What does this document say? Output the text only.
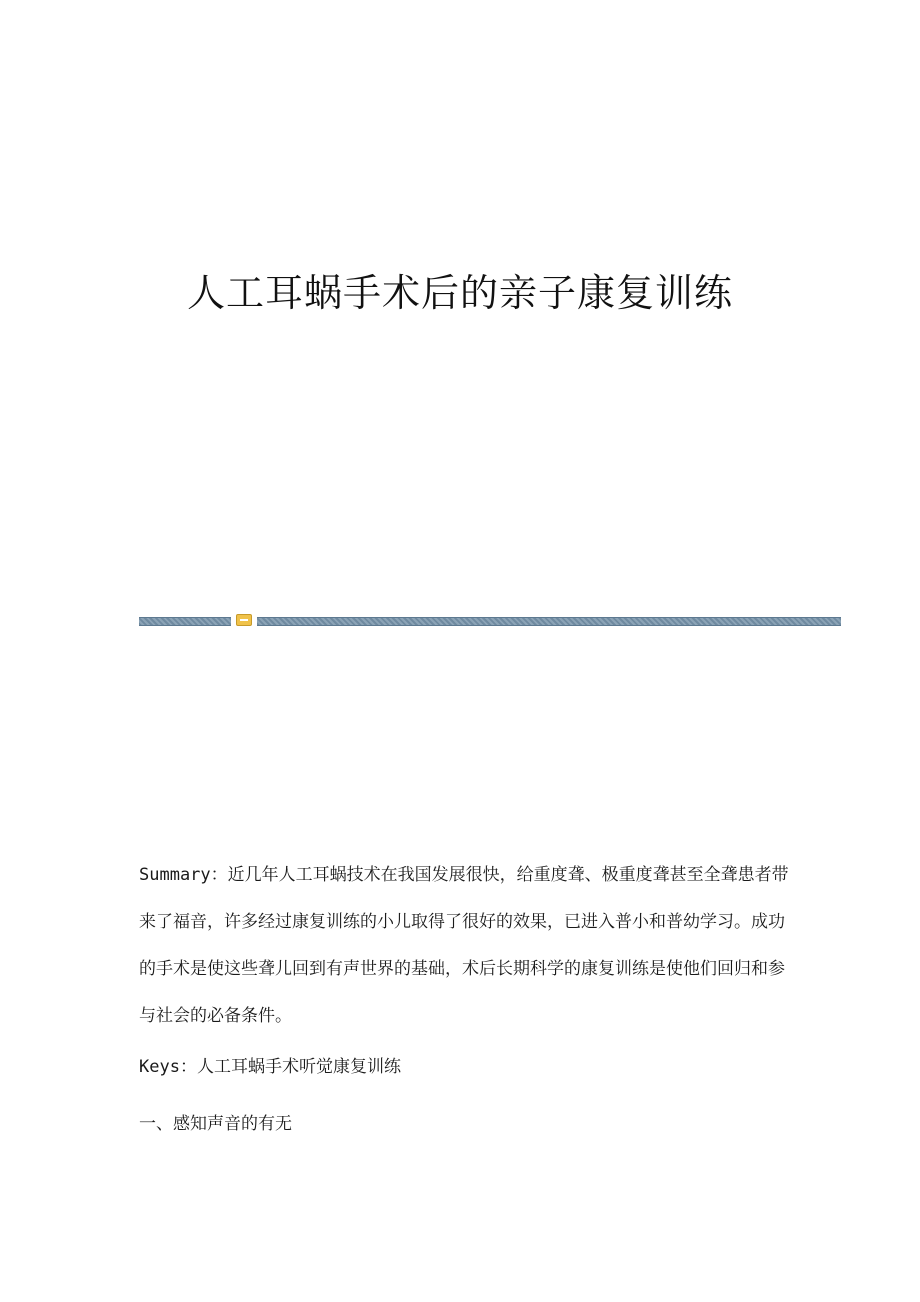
人工耳蜗手术后的亲子康复训练

Summary：近几年人工耳蜗技术在我国发展很快，给重度聋、极重度聋甚至全聋患者带来了福音，许多经过康复训练的小儿取得了很好的效果，已进入普小和普幼学习。成功的手术是使这些聋儿回到有声世界的基础，术后长期科学的康复训练是使他们回归和参与社会的必备条件。

Keys：人工耳蜗手术听觉康复训练

一、感知声音的有无
